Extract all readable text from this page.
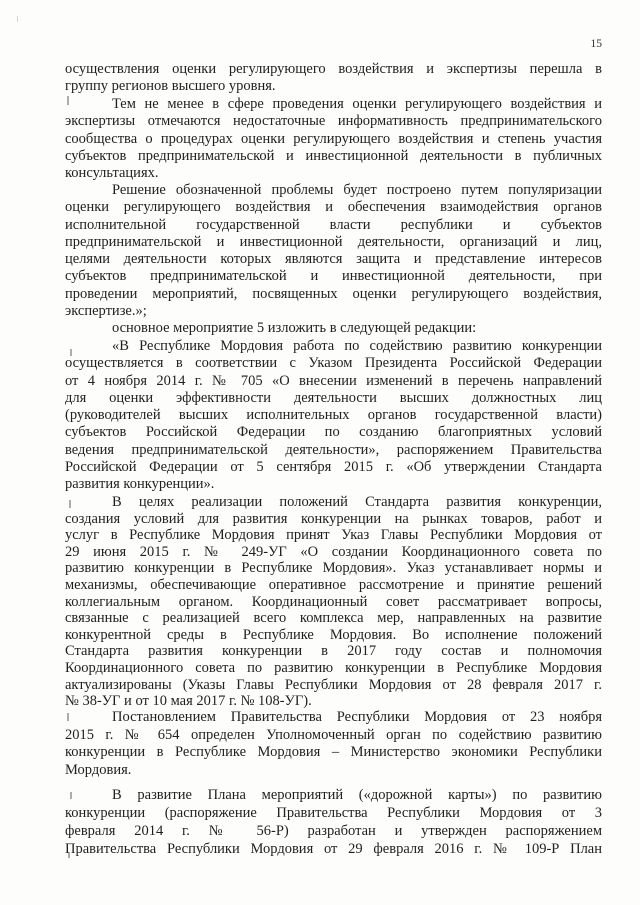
15
осуществления оценки регулирующего воздействия и экспертизы перешла в
группу регионов высшего уровня.
Тем не менее в сфере проведения оценки регулирующего воздействия и
экспертизы отмечаются недостаточные информативность предпринимательского
сообщества о процедурах оценки регулирующего воздействия и степень участия
субъектов предпринимательской и инвестиционной деятельности в публичных
консультациях.
Решение обозначенной проблемы будет построено путем популяризации
оценки регулирующего воздействия и обеспечения взаимодействия органов
исполнительной государственной власти республики и субъектов
предпринимательской и инвестиционной деятельности, организаций и лиц,
целями деятельности которых являются защита и представление интересов
субъектов предпринимательской и инвестиционной деятельности, при
проведении мероприятий, посвященных оценки регулирующего воздействия,
экспертизе.»;
основное мероприятие 5 изложить в следующей редакции:
«В Республике Мордовия работа по содействию развитию конкуренции
осуществляется в соответствии с Указом Президента Российской Федерации
от 4 ноября 2014 г. № 705 «О внесении изменений в перечень направлений
для оценки эффективности деятельности высших должностных лиц
(руководителей высших исполнительных органов государственной власти)
субъектов Российской Федерации по созданию благоприятных условий
ведения предпринимательской деятельности», распоряжением Правительства
Российской Федерации от 5 сентября 2015 г. «Об утверждении Стандарта
развития конкуренции».
В целях реализации положений Стандарта развития конкуренции,
создания условий для развития конкуренции на рынках товаров, работ и
услуг в Республике Мордовия принят Указ Главы Республики Мордовия от
29 июня 2015 г. № 249-УГ «О создании Координационного совета по
развитию конкуренции в Республике Мордовия». Указ устанавливает нормы и
механизмы, обеспечивающие оперативное рассмотрение и принятие решений
коллегиальным органом. Координационный совет рассматривает вопросы,
связанные с реализацией всего комплекса мер, направленных на развитие
конкурентной среды в Республике Мордовия. Во исполнение положений
Стандарта развития конкуренции в 2017 году состав и полномочия
Координационного совета по развитию конкуренции в Республике Мордовия
актуализированы (Указы Главы Республики Мордовия от 28 февраля 2017 г.
№ 38-УГ и от 10 мая 2017 г. № 108-УГ).
Постановлением Правительства Республики Мордовия от 23 ноября
2015 г. № 654 определен Уполномоченный орган по содействию развитию
конкуренции в Республике Мордовия – Министерство экономики Республики
Мордовия.
В развитие Плана мероприятий («дорожной карты») по развитию
конкуренции (распоряжение Правительства Республики Мордовия от 3
февраля 2014 г. № 56-Р) разработан и утвержден распоряжением
Правительства Республики Мордовия от 29 февраля 2016 г. № 109-Р План
